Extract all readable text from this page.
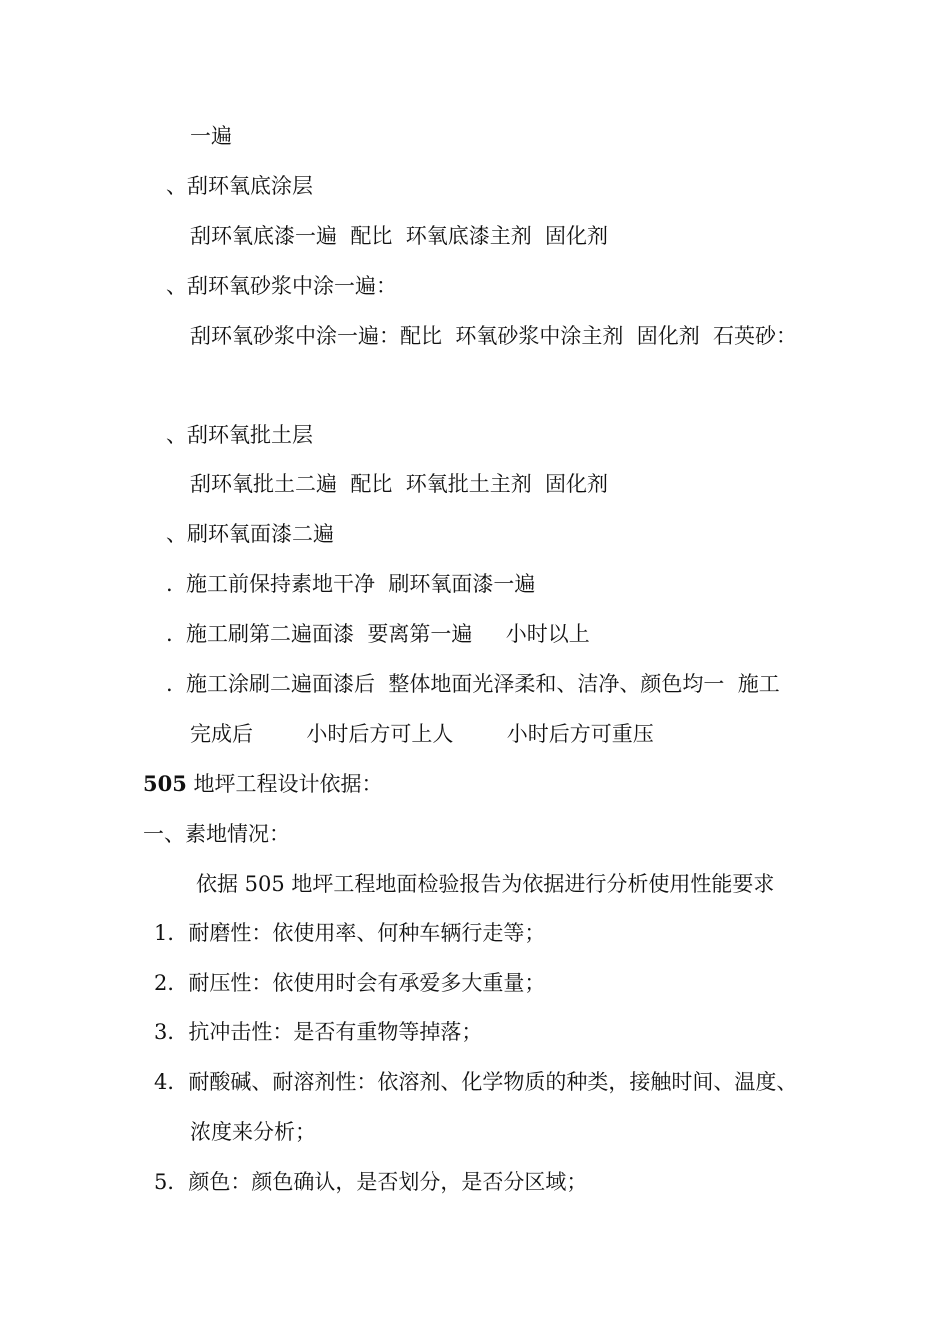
一遍
、刮环氧底涂层
刮环氧底漆一遍  配比  环氧底漆主剂  固化剂
、刮环氧砂浆中涂一遍：
刮环氧砂浆中涂一遍：配比  环氧砂浆中涂主剂  固化剂  石英砂：
、刮环氧批土层
刮环氧批土二遍  配比  环氧批土主剂  固化剂
、刷环氧面漆二遍
.  施工前保持素地干净  刷环氧面漆一遍
.  施工刷第二遍面漆  要离第一遍     小时以上
.  施工涂刷二遍面漆后  整体地面光泽柔和、洁净、颜色均一  施工
完成后        小时后方可上人        小时后方可重压
505 地坪工程设计依据：
一、素地情况：
依据 505 地坪工程地面检验报告为依据进行分析使用性能要求
1．耐磨性：依使用率、何种车辆行走等；
2．耐压性：依使用时会有承爱多大重量；
3．抗冲击性：是否有重物等掉落；
4．耐酸碱、耐溶剂性：依溶剂、化学物质的种类，接触时间、温度、
浓度来分析；
5．颜色：颜色确认，是否划分，是否分区域；
